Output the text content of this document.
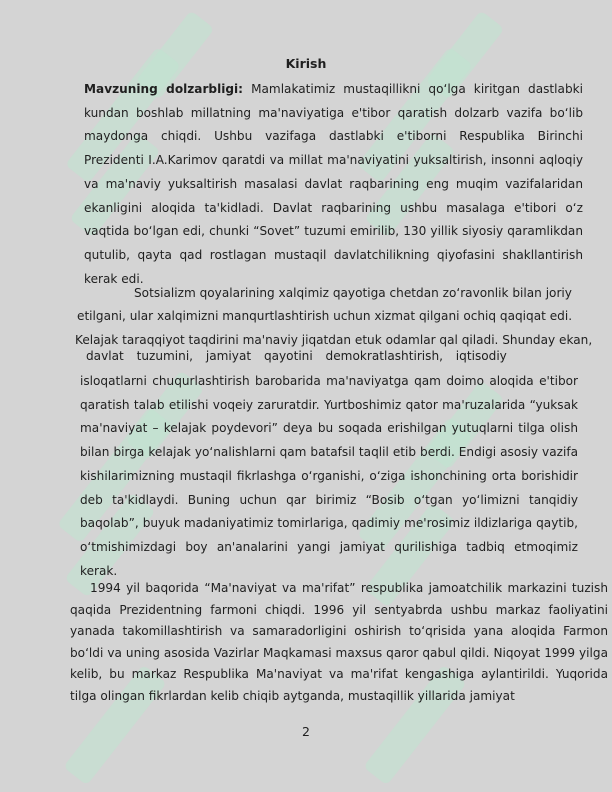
Kirish

Mavzuning dolzarbligi: Mamlakatimiz mustaqillikni qo‘lga kiritgan dastlabki kundan boshlab millatning ma'naviyatiga e'tibor qaratish dolzarb vazifa bo‘lib maydonga chiqdi. Ushbu vazifaga dastlabki e'tiborni Respublika Birinchi Prezidenti I.A.Karimov qaratdi va millat ma'naviyatini yuksaltirish, insonni aqloqiy va ma'naviy yuksaltirish masalasi davlat raqbarining eng muqim vazifalaridan ekanligini aloqida ta'kidladi. Davlat raqbarining ushbu masalaga e'tibori o‘z vaqtida bo‘lgan edi, chunki “Sovet” tuzumi emirilib, 130 yillik siyosiy qaramlikdan qutulib, qayta qad rostlagan mustaqil davlatchilikning qiyofasini shakllantirish kerak edi.

Sotsializm qoyalarining xalqimiz qayotiga chetdan zo‘ravonlik bilan joriy

etilgani, ular xalqimizni manqurtlashtirish uchun xizmat qilgani ochiq qaqiqat edi.

Kelajak taraqqiyot taqdirini ma'naviy jiqatdan etuk odamlar qal qiladi. Shunday ekan,

davlat tuzumini, jamiyat qayotini demokratlashtirish, iqtisodiy

isloqatlarni chuqurlashtirish barobarida ma'naviyatga qam doimo aloqida e'tibor qaratish talab etilishi voqeiy zaruratdir. Yurtboshimiz qator ma'ruzalarida “yuksak ma'naviyat – kelajak poydevori” deya bu soqada erishilgan yutuqlarni tilga olish bilan birga kelajak yo‘nalishlarni qam batafsil taqlil etib berdi. Endigi asosiy vazifa kishilarimizning mustaqil fikrlashga o‘rganishi, o‘ziga ishonchining orta borishidir deb ta'kidlaydi. Buning uchun qar birimiz “Bosib o‘tgan yo‘limizni tanqidiy baqolab”, buyuk madaniyatimiz tomirlariga, qadimiy me'rosimiz ildizlariga qaytib, o‘tmishimizdagi boy an'analarini yangi jamiyat qurilishiga tadbiq etmoqimiz kerak.

1994 yil baqorida “Ma'naviyat va ma'rifat” respublika jamoatchilik markazini tuzish qaqida Prezidentning farmoni chiqdi. 1996 yil sentyabrda ushbu markaz faoliyatini yanada takomillashtirish va samaradorligini oshirish to‘qrisida yana aloqida Farmon bo‘ldi va uning asosida Vazirlar Maqkamasi maxsus qaror qabul qildi. Niqoyat 1999 yilga kelib, bu markaz Respublika Ma'naviyat va ma'rifat kengashiga aylantirildi. Yuqorida tilga olingan fikrlardan kelib chiqib aytganda, mustaqillik yillarida jamiyat

2
